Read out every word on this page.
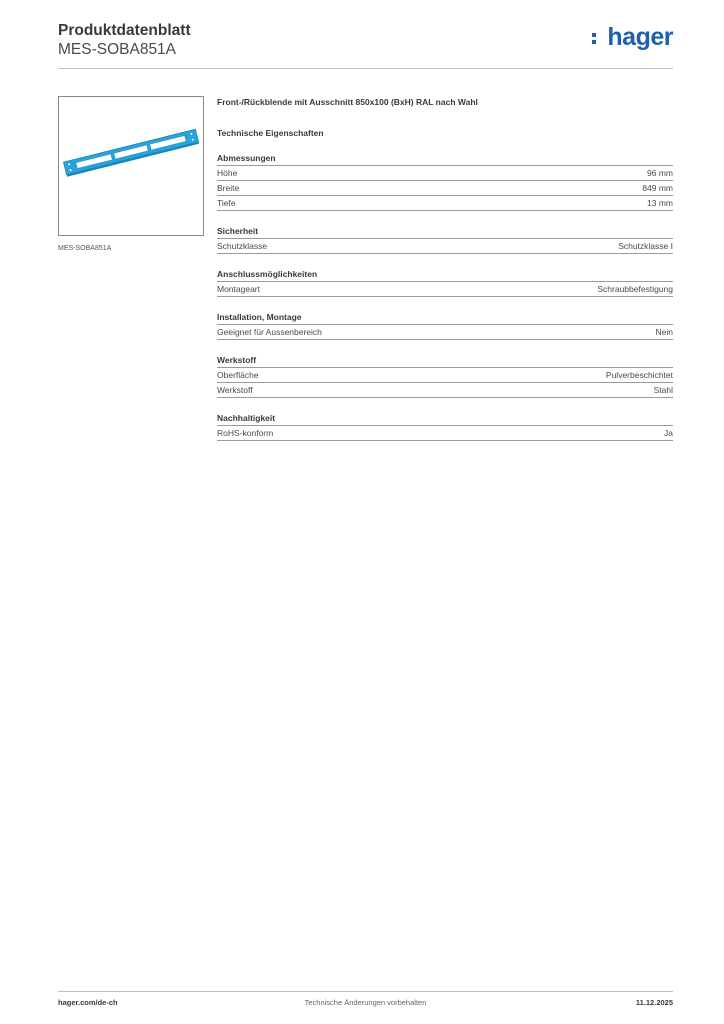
Produktdatenblatt
MES-SOBA851A	hager
MES-SOBA851A
Front-/Rückblende mit Ausschnitt 850x100 (BxH) RAL nach Wahl
Technische Eigenschaften
Abmessungen
Höhe	96 mm
Breite	849 mm
Tiefe	13 mm
Sicherheit
Schutzklasse	Schutzklasse I
Anschlussmöglichkeiten
Montageart	Schraubbefestigung
Installation, Montage
Geeignet für Aussenbereich	Nein
Werkstoff
Oberfläche	Pulverbeschichtet
Werkstoff	Stahl
Nachhaltigkeit
RoHS-konform	Ja
hager.com/de-ch	Technische Änderungen vorbehalten	11.12.2025
